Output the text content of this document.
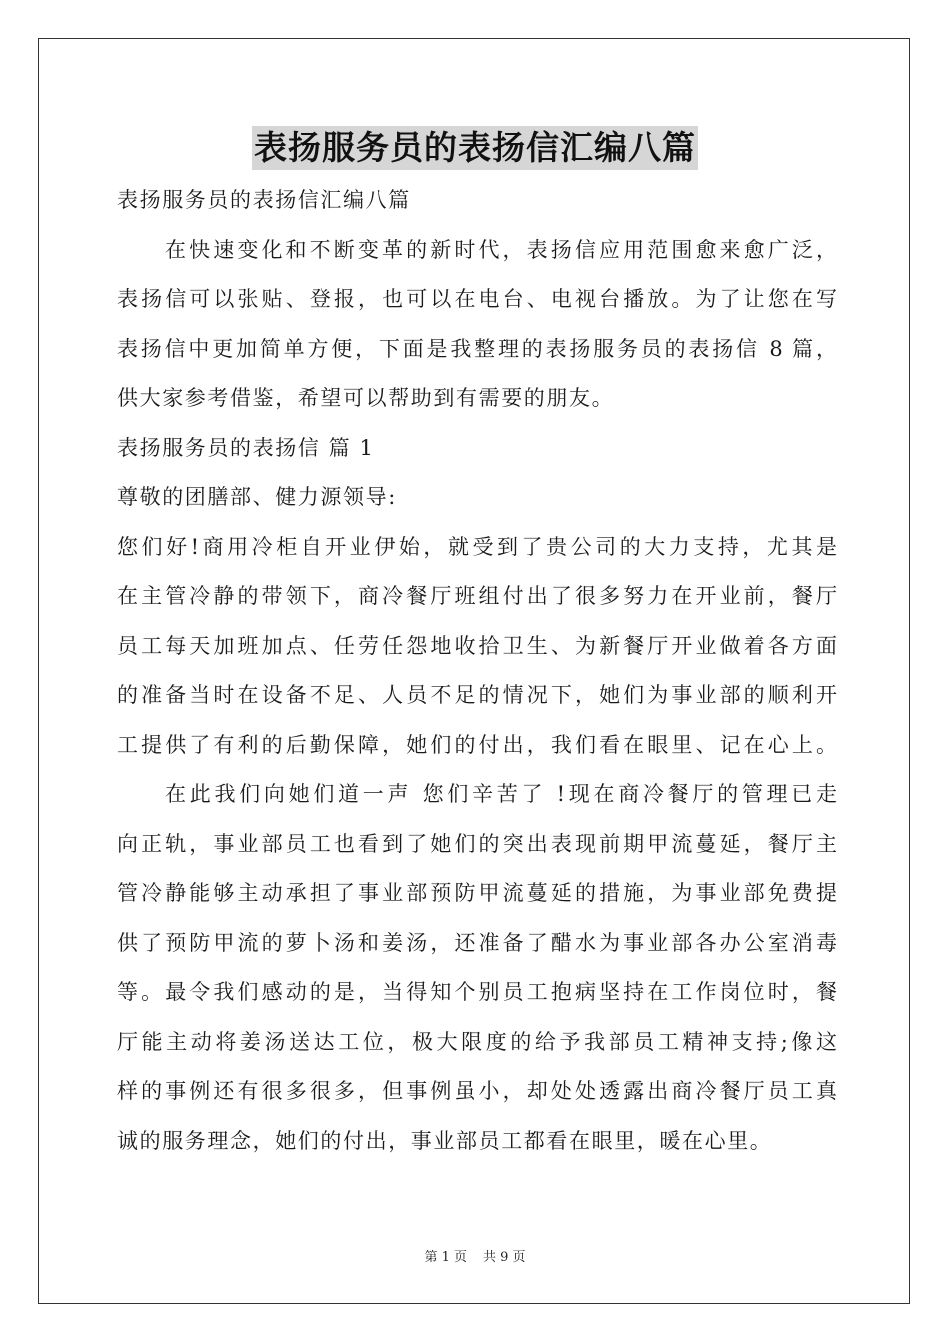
表扬服务员的表扬信汇编八篇
表扬服务员的表扬信汇编八篇
在快速变化和不断变革的新时代，表扬信应用范围愈来愈广泛，
表扬信可以张贴、登报，也可以在电台、电视台播放。为了让您在写
表扬信中更加简单方便，下面是我整理的表扬服务员的表扬信 8 篇，
供大家参考借鉴，希望可以帮助到有需要的朋友。
表扬服务员的表扬信 篇 1
尊敬的团膳部、健力源领导:
您们好!商用冷柜自开业伊始，就受到了贵公司的大力支持，尤其是
在主管冷静的带领下，商冷餐厅班组付出了很多努力在开业前，餐厅
员工每天加班加点、任劳任怨地收拾卫生、为新餐厅开业做着各方面
的准备当时在设备不足、人员不足的情况下，她们为事业部的顺利开
工提供了有利的后勤保障，她们的付出，我们看在眼里、记在心上。
在此我们向她们道一声 您们辛苦了 !现在商冷餐厅的管理已走
向正轨，事业部员工也看到了她们的突出表现前期甲流蔓延，餐厅主
管冷静能够主动承担了事业部预防甲流蔓延的措施，为事业部免费提
供了预防甲流的萝卜汤和姜汤，还准备了醋水为事业部各办公室消毒
等。最令我们感动的是，当得知个别员工抱病坚持在工作岗位时，餐
厅能主动将姜汤送达工位，极大限度的给予我部员工精神支持;像这
样的事例还有很多很多，但事例虽小，却处处透露出商冷餐厅员工真
诚的服务理念，她们的付出，事业部员工都看在眼里，暖在心里。
第 1 页 共 9 页
